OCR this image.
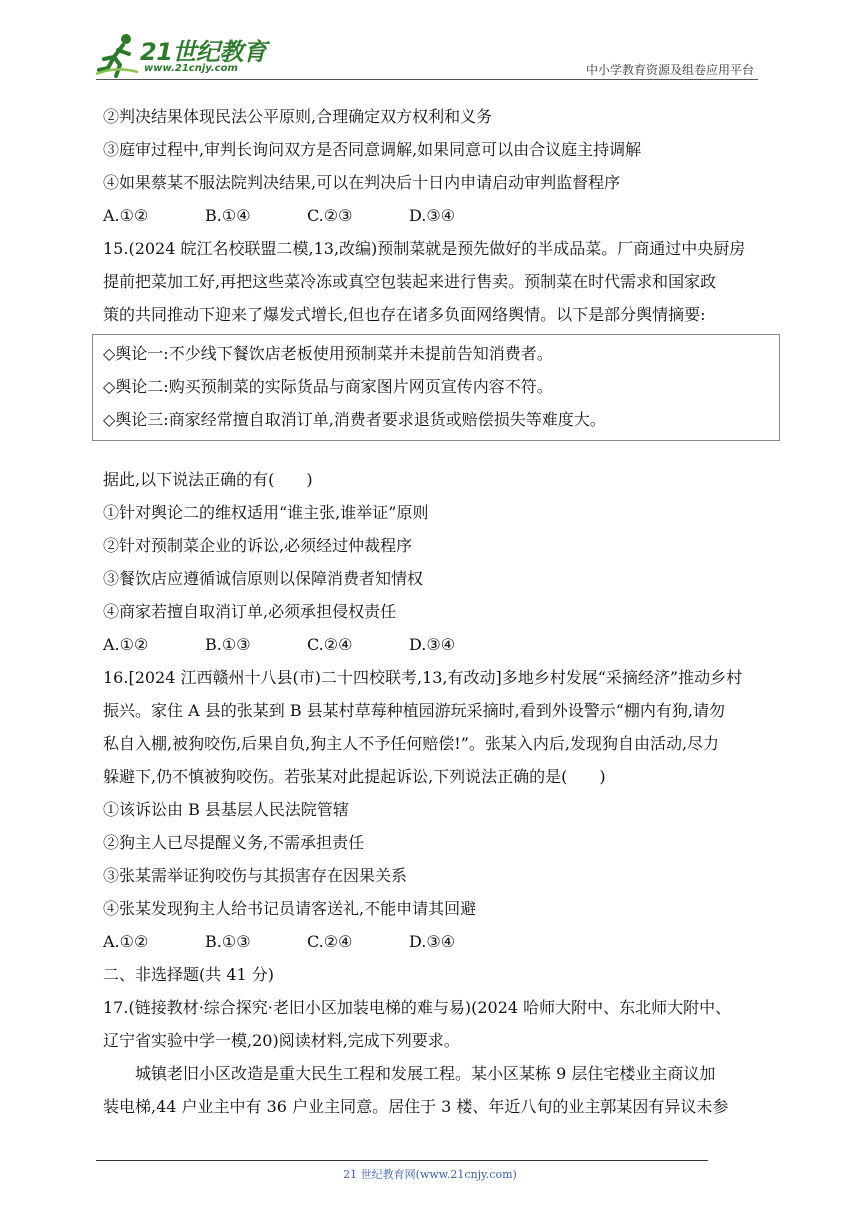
21世纪教育
www.21cnjy.com	中小学教育资源及组卷应用平台
②判决结果体现民法公平原则,合理确定双方权利和义务
③庭审过程中,审判长询问双方是否同意调解,如果同意可以由合议庭主持调解
④如果蔡某不服法院判决结果,可以在判决后十日内申请启动审判监督程序
A.①②	B.①④	C.②③	D.③④
15.(2024 皖江名校联盟二模,13,改编)预制菜就是预先做好的半成品菜。厂商通过中央厨房
提前把菜加工好,再把这些菜冷冻或真空包装起来进行售卖。预制菜在时代需求和国家政
策的共同推动下迎来了爆发式增长,但也存在诸多负面网络舆情。以下是部分舆情摘要:
◇舆论一:不少线下餐饮店老板使用预制菜并未提前告知消费者。
◇舆论二:购买预制菜的实际货品与商家图片网页宣传内容不符。
◇舆论三:商家经常擅自取消订单,消费者要求退货或赔偿损失等难度大。
据此,以下说法正确的有(　　)
①针对舆论二的维权适用“谁主张,谁举证”原则
②针对预制菜企业的诉讼,必须经过仲裁程序
③餐饮店应遵循诚信原则以保障消费者知情权
④商家若擅自取消订单,必须承担侵权责任
A.①②	B.①③	C.②④	D.③④
16.[2024 江西赣州十八县(市)二十四校联考,13,有改动]多地乡村发展“采摘经济”推动乡村
振兴。家住 A 县的张某到 B 县某村草莓种植园游玩采摘时,看到外设警示“棚内有狗,请勿
私自入棚,被狗咬伤,后果自负,狗主人不予任何赔偿!”。张某入内后,发现狗自由活动,尽力
躲避下,仍不慎被狗咬伤。若张某对此提起诉讼,下列说法正确的是(　　)
①该诉讼由 B 县基层人民法院管辖
②狗主人已尽提醒义务,不需承担责任
③张某需举证狗咬伤与其损害存在因果关系
④张某发现狗主人给书记员请客送礼,不能申请其回避
A.①②	B.①③	C.②④	D.③④
二、非选择题(共 41 分)
17.(链接教材·综合探究·老旧小区加装电梯的难与易)(2024 哈师大附中、东北师大附中、
辽宁省实验中学一模,20)阅读材料,完成下列要求。
城镇老旧小区改造是重大民生工程和发展工程。某小区某栋 9 层住宅楼业主商议加
装电梯,44 户业主中有 36 户业主同意。居住于 3 楼、年近八旬的业主郭某因有异议未参
21 世纪教育网(www.21cnjy.com)
